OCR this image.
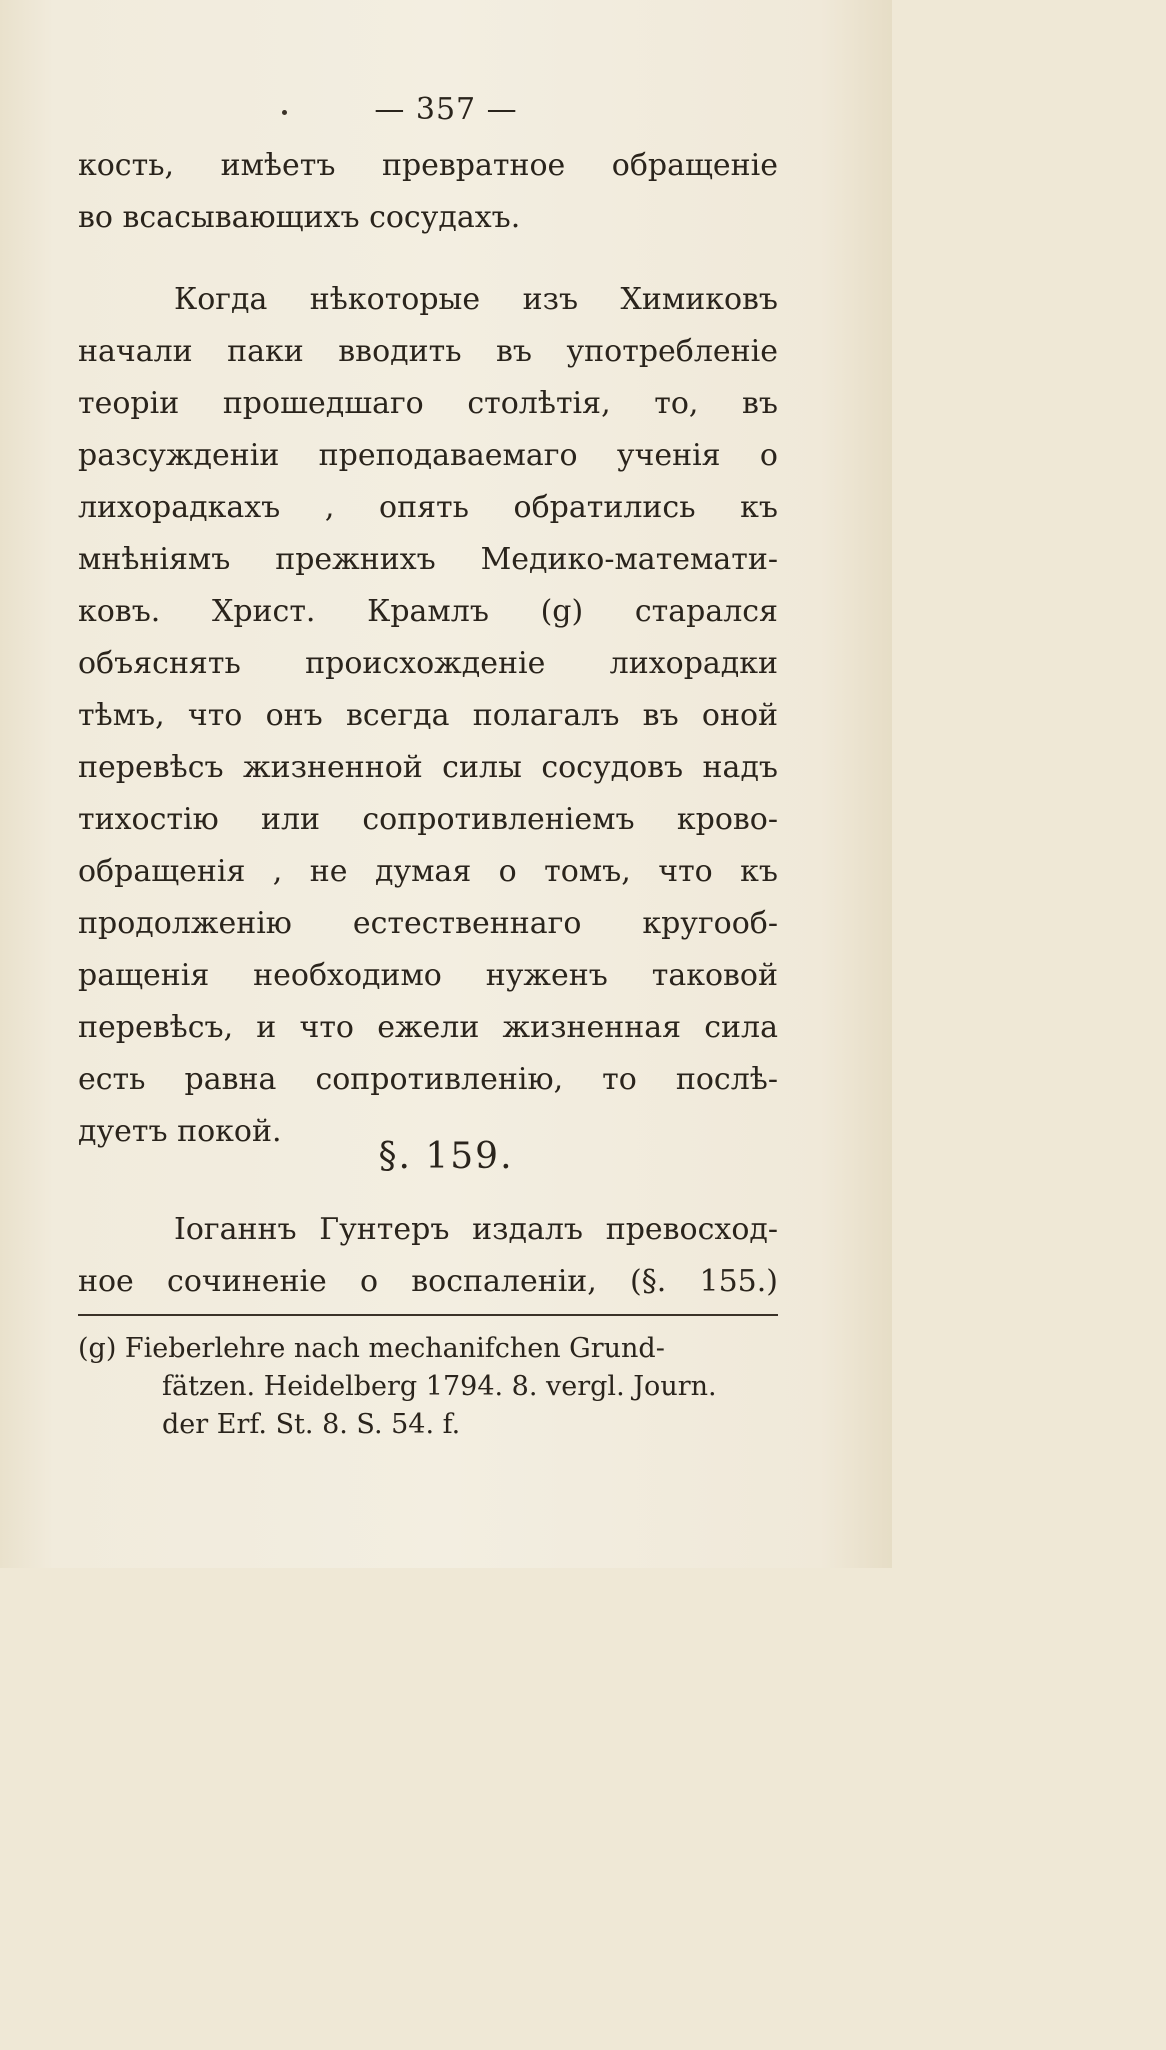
— 357 —
кость, имѣетъ превратное обращеніе
во всасывающихъ сосудахъ.
Когда нѣкоторые изъ Химиковъ
начали паки вводить въ употребленіе
теоріи прошедшаго столѣтія, то, въ
разсужденіи преподаваемаго ученія о
лихорадкахъ , опять обратились къ
мнѣніямъ прежнихъ Медико-математи-
ковъ. Христ. Крамлъ (g) старался
объяснять происхожденіе лихорадки
тѣмъ, что онъ всегда полагалъ въ оной
перевѣсъ жизненной силы сосудовъ надъ
тихостію или сопротивленіемъ крово-
обращенія , не думая о томъ, что къ
продолженію естественнаго кругооб-
ращенія необходимо нуженъ таковой
перевѣсъ, и что ежели жизненная сила
есть равна сопротивленію, то послѣ-
дуетъ покой.
§. 159.
Іоганнъ Гунтеръ издалъ превосход-
ное сочиненіе о воспаленіи, (§. 155.)
(g) Fieberlehre nach mechanifchen Grund-
fätzen. Heidelberg 1794. 8. vergl. Journ.
der Erf. St. 8. S. 54. f.
